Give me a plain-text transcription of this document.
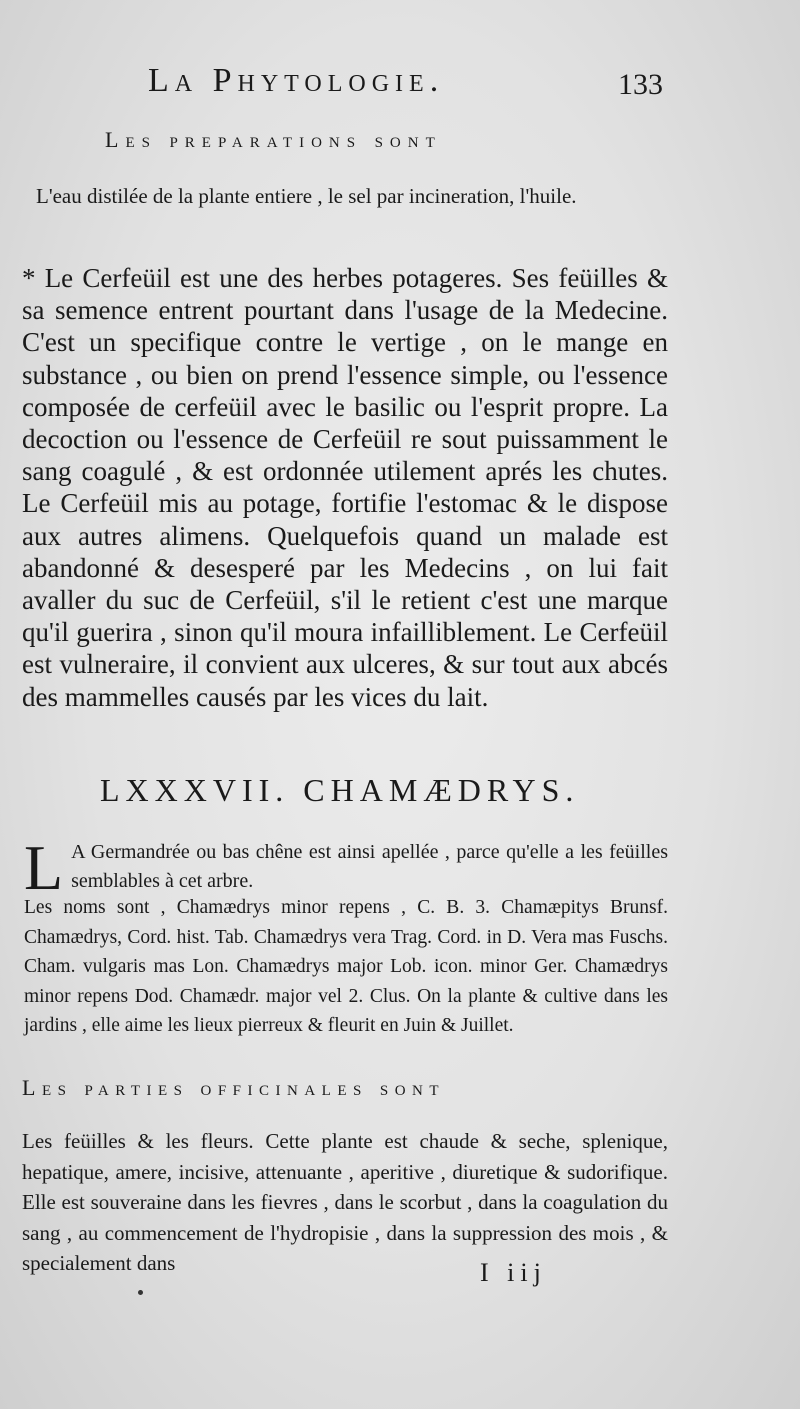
La Phytologie.	133
Les preparations sont
L'eau distilée de la plante entiere , le sel par incineration, l'huile.
* Le Cerfeüil est une des herbes potageres. Ses feüilles & sa semence entrent pourtant dans l'usage de la Medecine. C'est un specifique contre le vertige , on le mange en substance , ou bien on prend l'essence simple, ou l'essence composée de cerfeüil avec le basilic ou l'esprit propre. La decoction ou l'essence de Cerfeüil re sout puissamment le sang coagulé , & est ordonnée utilement aprés les chutes. Le Cerfeüil mis au potage, fortifie l'estomac & le dispose aux autres alimens. Quelquefois quand un malade est abandonné & desesperé par les Medecins , on lui fait avaller du suc de Cerfeüil, s'il le retient c'est une marque qu'il guerira , sinon qu'il moura infailliblement. Le Cerfeüil est vulneraire, il convient aux ulceres, & sur tout aux abcés des mammelles causés par les vices du lait.
LXXXVII. CHAMÆDRYS.
L A Germandrée ou bas chêne est ainsi apellée , parce qu'elle a les feüilles semblables à cet arbre.
Les noms sont , Chamædrys minor repens , C. B. 3. Chamæpitys Brunsf. Chamædrys, Cord. hist. Tab. Chamædrys vera Trag. Cord. in D. Vera mas Fuschs. Cham. vulgaris mas Lon. Chamædrys major Lob. icon. minor Ger. Chamædrys minor repens Dod. Chamædr. major vel 2. Clus. On la plante & cultive dans les jardins , elle aime les lieux pierreux & fleurit en Juin & Juillet.
Les parties officinales sont
Les feüilles & les fleurs. Cette plante est chaude & seche, splenique, hepatique, amere, incisive, attenuante , aperitive , diuretique & sudorifique. Elle est souveraine dans les fievres , dans le scorbut , dans la coagulation du sang , au commencement de l'hydropisie , dans la suppression des mois , & specialement dans	I iij
